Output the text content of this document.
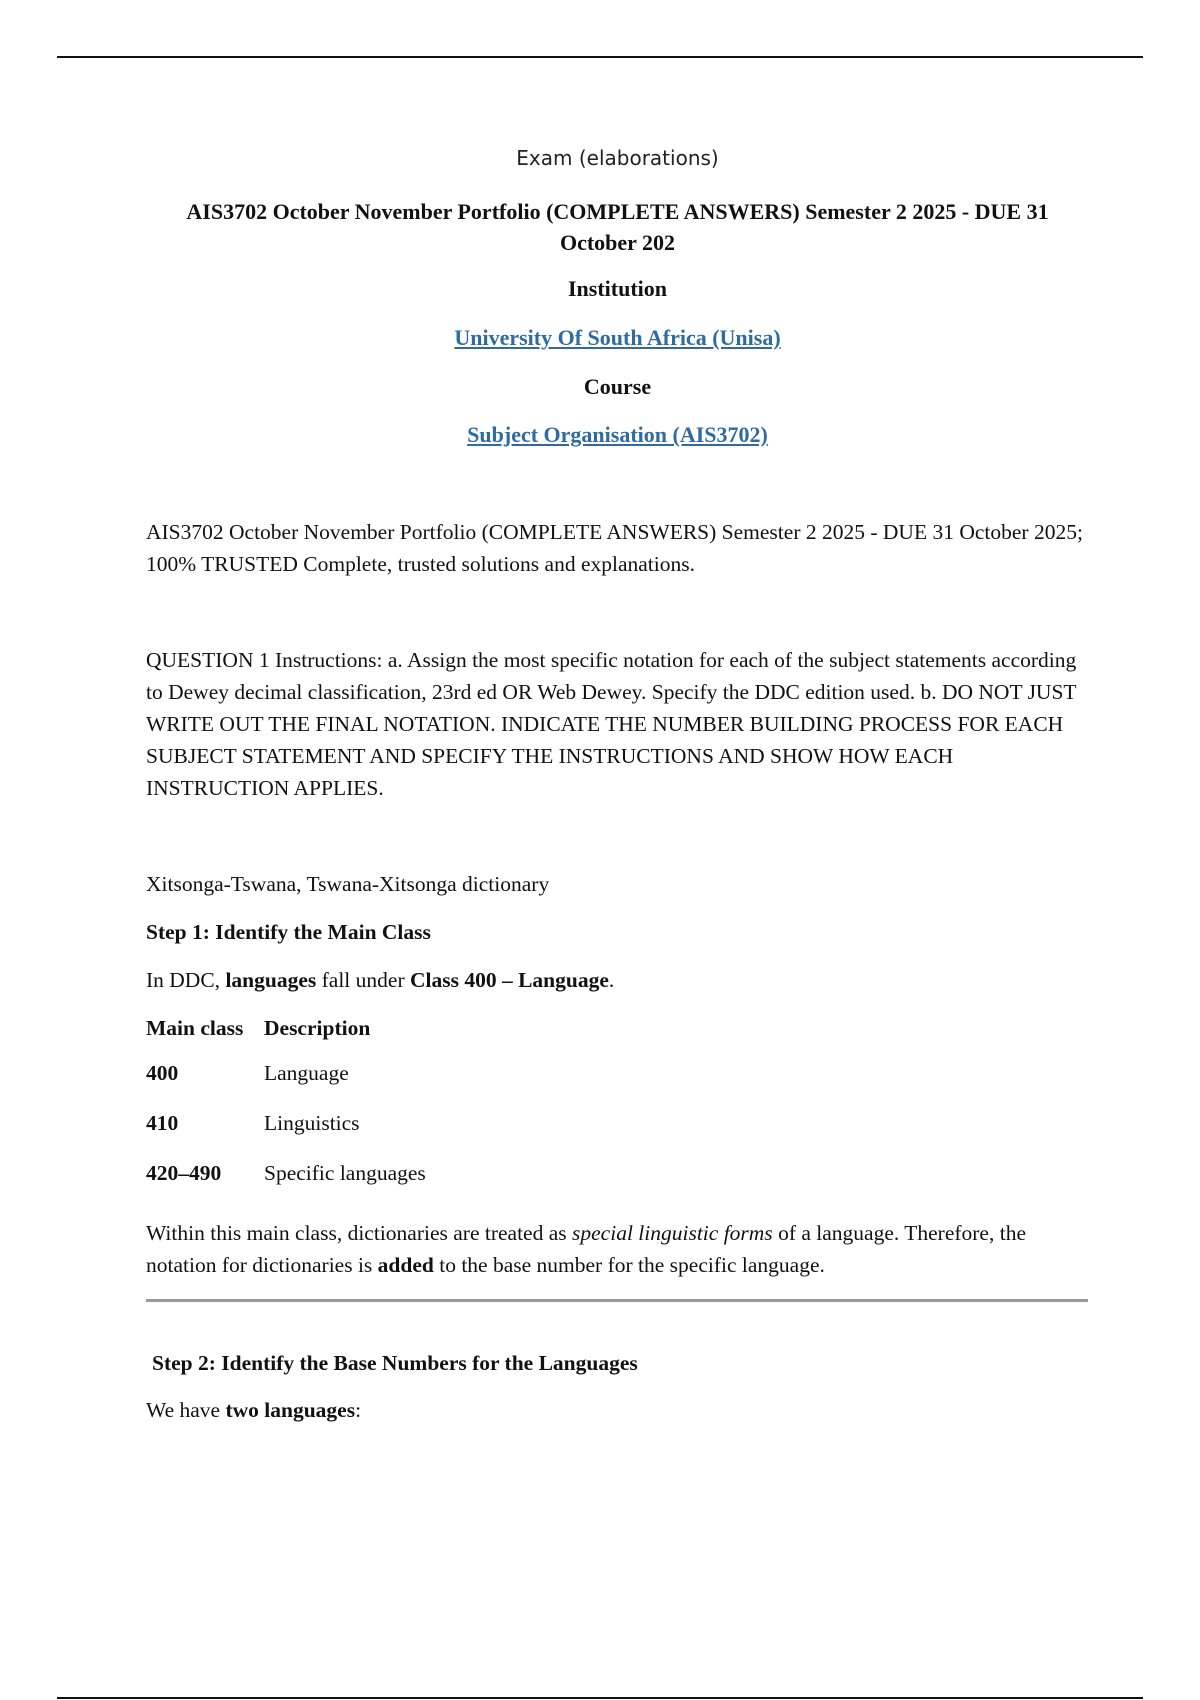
Exam (elaborations)
AIS3702 October November Portfolio (COMPLETE ANSWERS) Semester 2 2025 - DUE 31 October 202
Institution
University Of South Africa (Unisa)
Course
Subject Organisation (AIS3702)
AIS3702 October November Portfolio (COMPLETE ANSWERS) Semester 2 2025 - DUE 31 October 2025; 100% TRUSTED Complete, trusted solutions and explanations.
QUESTION 1 Instructions: a. Assign the most specific notation for each of the subject statements according to Dewey decimal classification, 23rd ed OR Web Dewey. Specify the DDC edition used. b. DO NOT JUST WRITE OUT THE FINAL NOTATION. INDICATE THE NUMBER BUILDING PROCESS FOR EACH SUBJECT STATEMENT AND SPECIFY THE INSTRUCTIONS AND SHOW HOW EACH INSTRUCTION APPLIES.
Xitsonga-Tswana, Tswana-Xitsonga dictionary
Step 1: Identify the Main Class
In DDC, languages fall under Class 400 – Language.
Main class	Description
400	Language
410	Linguistics
420–490	Specific languages
Within this main class, dictionaries are treated as special linguistic forms of a language. Therefore, the notation for dictionaries is added to the base number for the specific language.
Step 2: Identify the Base Numbers for the Languages
We have two languages:
